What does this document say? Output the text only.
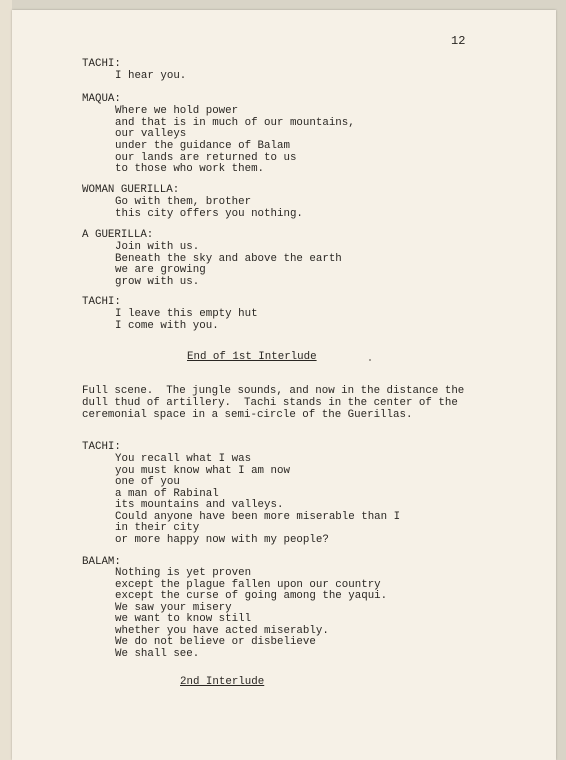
12
TACHI:
I hear you.
MAQUA:
Where we hold power
and that is in much of our mountains,
our valleys
under the guidance of Balam
our lands are returned to us
to those who work them.
WOMAN GUERILLA:
Go with them, brother
this city offers you nothing.
A GUERILLA:
Join with us.
Beneath the sky and above the earth
we are growing
grow with us.
TACHI:
I leave this empty hut
I come with you.
End of 1st Interlude
Full scene.  The jungle sounds, and now in the distance the
dull thud of artillery.  Tachi stands in the center of the
ceremonial space in a semi-circle of the Guerillas.
TACHI:
You recall what I was
you must know what I am now
one of you
a man of Rabinal
its mountains and valleys.
Could anyone have been more miserable than I
in their city
or more happy now with my people?
BALAM:
Nothing is yet proven
except the plague fallen upon our country
except the curse of going among the yaqui.
We saw your misery
we want to know still
whether you have acted miserably.
We do not believe or disbelieve
We shall see.
2nd Interlude
